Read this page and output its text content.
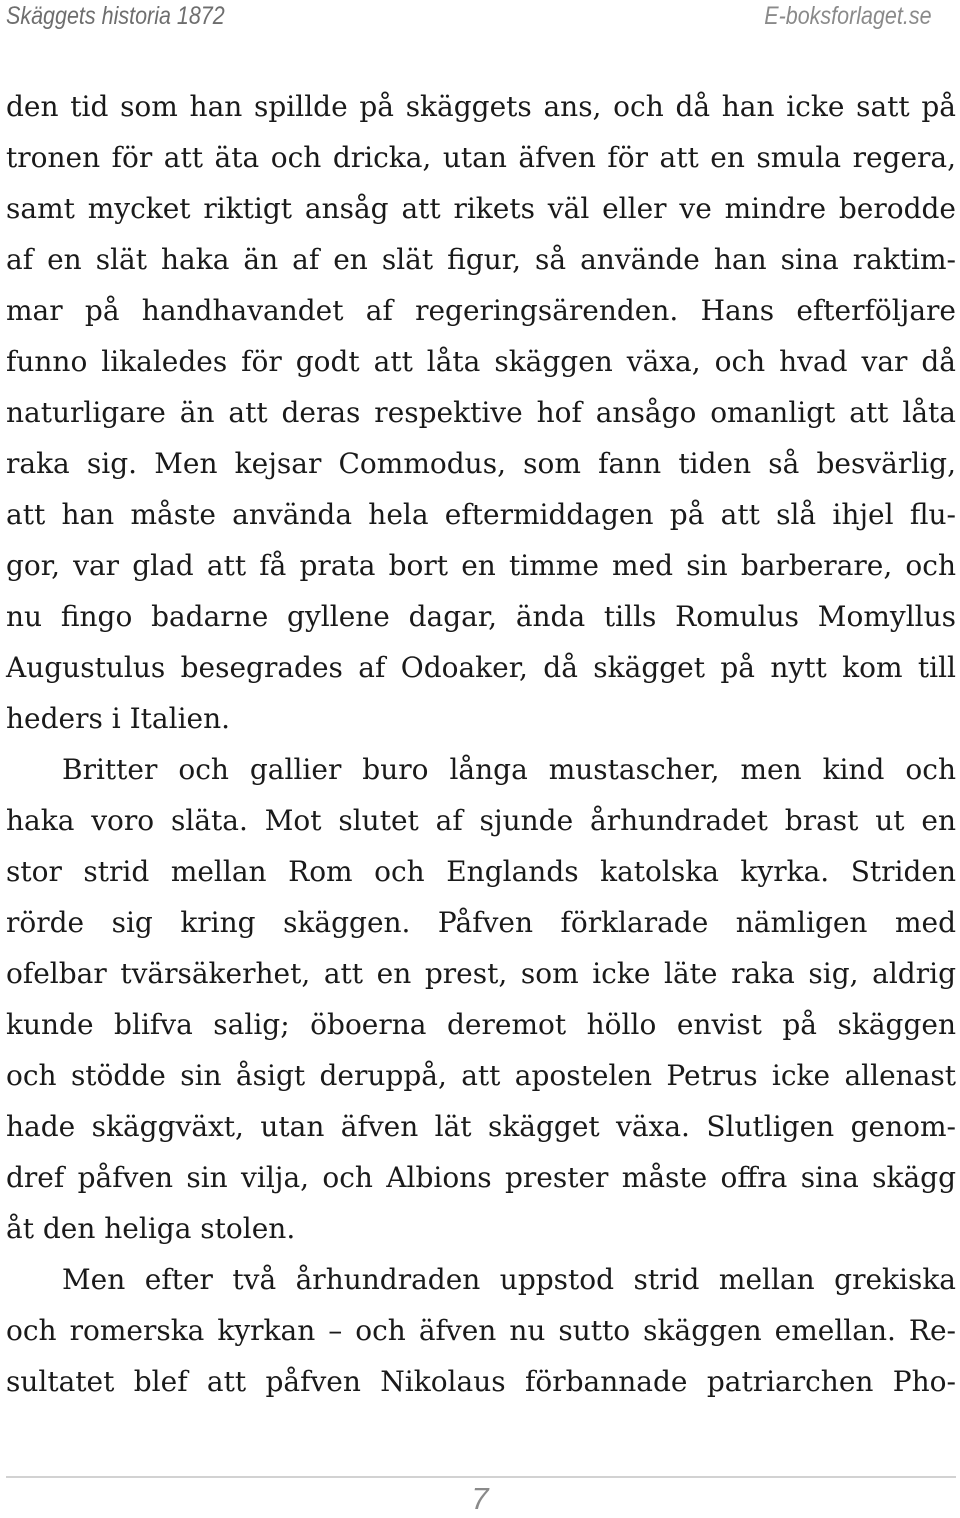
Skäggets historia 1872	E-boksforlaget.se
den tid som han spillde på skäggets ans, och då han icke satt på
tronen för att äta och dricka, utan äfven för att en smula regera,
samt mycket riktigt ansåg att rikets väl eller ve mindre berodde
af en slät haka än af en slät figur, så använde han sina raktim-
mar på handhavandet af regeringsärenden. Hans efterföljare
funno likaledes för godt att låta skäggen växa, och hvad var då
naturligare än att deras respektive hof ansågo omanligt att låta
raka sig. Men kejsar Commodus, som fann tiden så besvärlig,
att han måste använda hela eftermiddagen på att slå ihjel flu-
gor, var glad att få prata bort en timme med sin barberare, och
nu fingo badarne gyllene dagar, ända tills Romulus Momyllus
Augustulus besegrades af Odoaker, då skägget på nytt kom till
heders i Italien.
Britter och gallier buro långa mustascher, men kind och
haka voro släta. Mot slutet af sjunde århundradet brast ut en
stor strid mellan Rom och Englands katolska kyrka. Striden
rörde sig kring skäggen. Påfven förklarade nämligen med
ofelbar tvärsäkerhet, att en prest, som icke läte raka sig, aldrig
kunde blifva salig; öboerna deremot höllo envist på skäggen
och stödde sin åsigt deruppå, att apostelen Petrus icke allenast
hade skäggväxt, utan äfven lät skägget växa. Slutligen genom-
dref påfven sin vilja, och Albions prester måste offra sina skägg
åt den heliga stolen.
Men efter två århundraden uppstod strid mellan grekiska
och romerska kyrkan – och äfven nu sutto skäggen emellan. Re-
sultatet blef att påfven Nikolaus förbannade patriarchen Pho-
7
